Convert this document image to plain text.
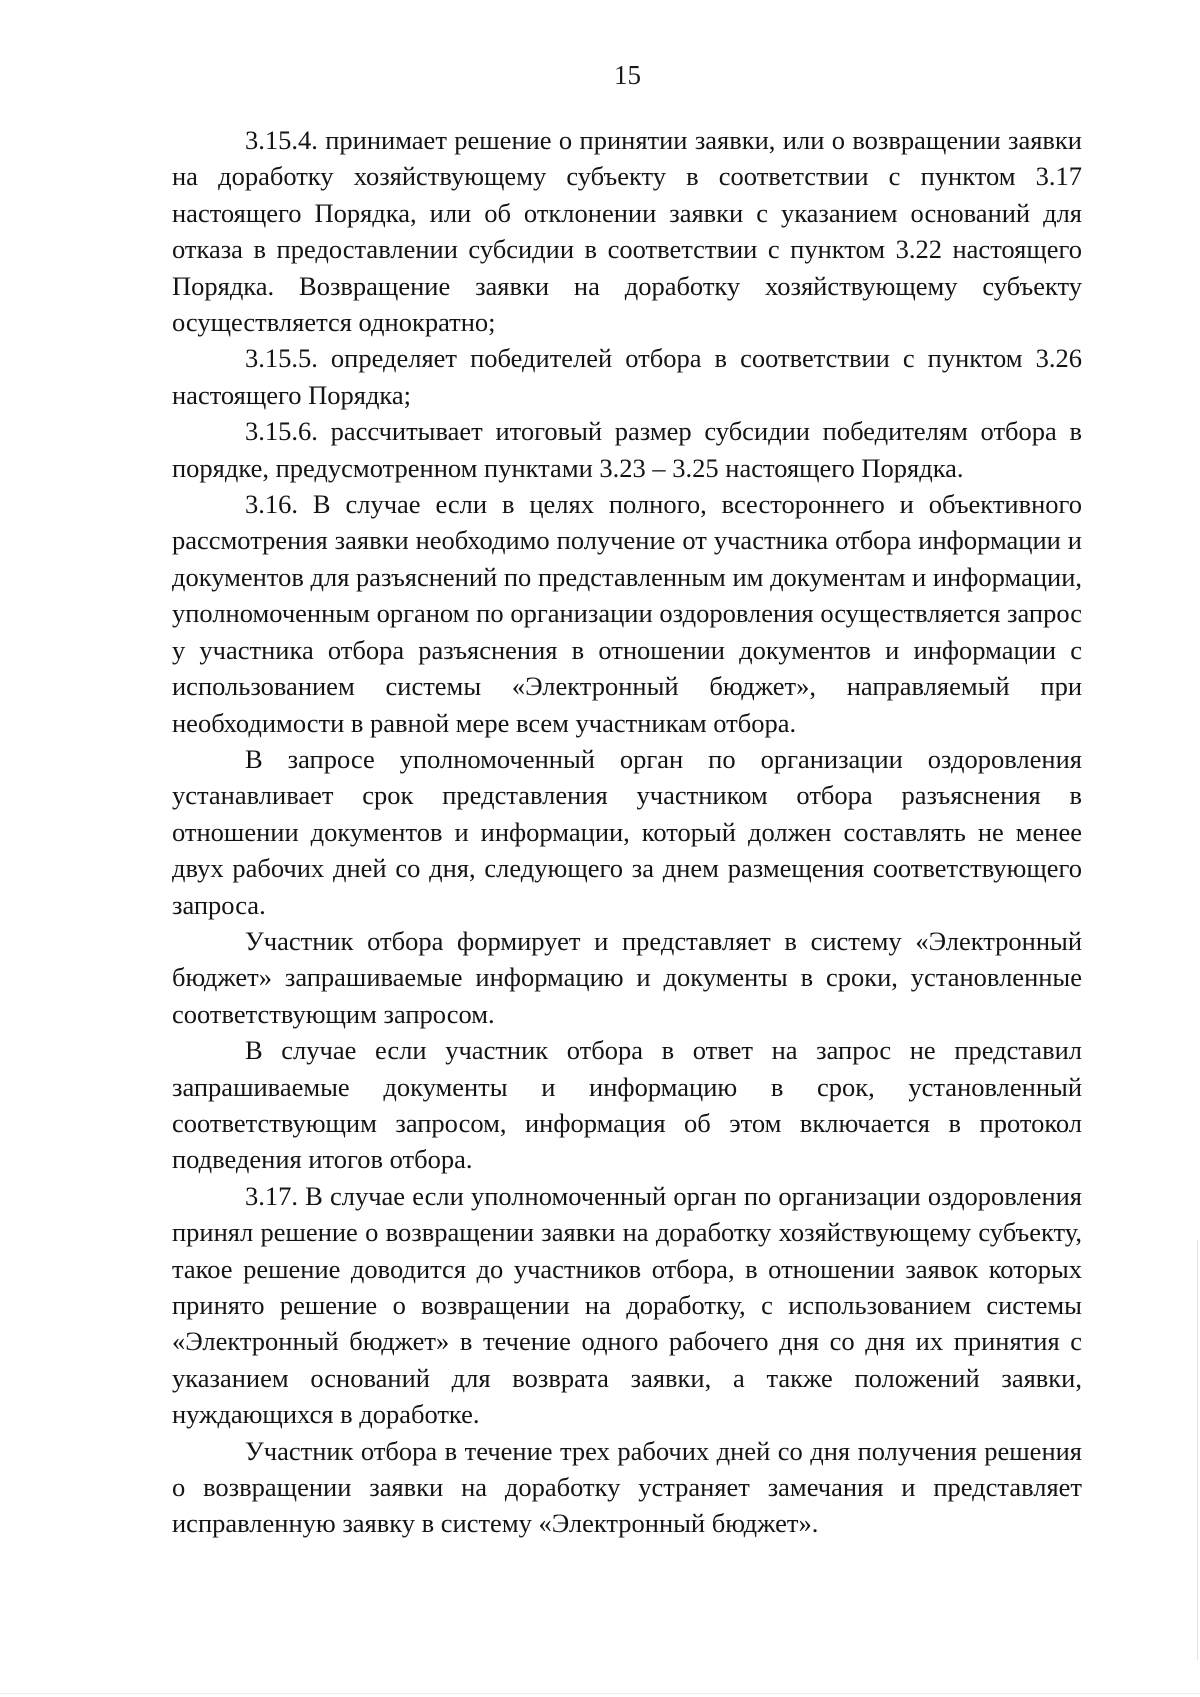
15

3.15.4. принимает решение о принятии заявки, или о возвращении заявки на доработку хозяйствующему субъекту в соответствии с пунктом 3.17 настоящего Порядка, или об отклонении заявки с указанием оснований для отказа в предоставлении субсидии в соответствии с пунктом 3.22 настоящего Порядка. Возвращение заявки на доработку хозяйствующему субъекту осуществляется однократно;

3.15.5. определяет победителей отбора в соответствии с пунктом 3.26 настоящего Порядка;

3.15.6. рассчитывает итоговый размер субсидии победителям отбора в порядке, предусмотренном пунктами 3.23 – 3.25 настоящего Порядка.

3.16. В случае если в целях полного, всестороннего и объективного рассмотрения заявки необходимо получение от участника отбора информации и документов для разъяснений по представленным им документам и информации, уполномоченным органом по организации оздоровления осуществляется запрос у участника отбора разъяснения в отношении документов и информации с использованием системы «Электронный бюджет», направляемый при необходимости в равной мере всем участникам отбора.

В запросе уполномоченный орган по организации оздоровления устанавливает срок представления участником отбора разъяснения в отношении документов и информации, который должен составлять не менее двух рабочих дней со дня, следующего за днем размещения соответствующего запроса.

Участник отбора формирует и представляет в систему «Электронный бюджет» запрашиваемые информацию и документы в сроки, установленные соответствующим запросом.

В случае если участник отбора в ответ на запрос не представил запрашиваемые документы и информацию в срок, установленный соответствующим запросом, информация об этом включается в протокол подведения итогов отбора.

3.17. В случае если уполномоченный орган по организации оздоровления принял решение о возвращении заявки на доработку хозяйствующему субъекту, такое решение доводится до участников отбора, в отношении заявок которых принято решение о возвращении на доработку, с использованием системы «Электронный бюджет» в течение одного рабочего дня со дня их принятия с указанием оснований для возврата заявки, а также положений заявки, нуждающихся в доработке.

Участник отбора в течение трех рабочих дней со дня получения решения о возвращении заявки на доработку устраняет замечания и представляет исправленную заявку в систему «Электронный бюджет».
